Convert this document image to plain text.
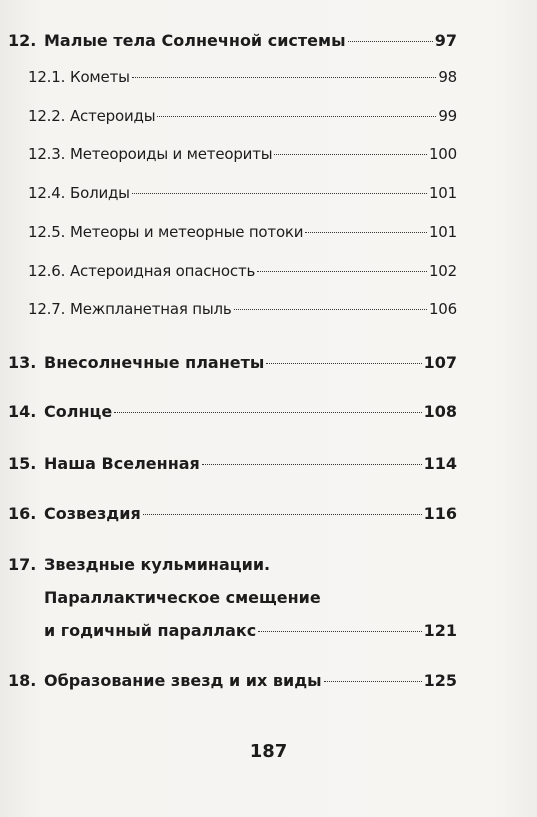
12. Малые тела Солнечной системы	97
12.1. Кометы	98
12.2. Астероиды	99
12.3. Метеороиды и метеориты	100
12.4. Болиды	101
12.5. Метеоры и метеорные потоки	101
12.6. Астероидная опасность	102
12.7. Межпланетная пыль	106
13. Внесолнечные планеты	107
14. Солнце	108
15. Наша Вселенная	114
16. Созвездия	116
17. Звездные кульминации.
Параллактическое смещение
и годичный параллакс	121
18. Образование звезд и их виды	125
187
